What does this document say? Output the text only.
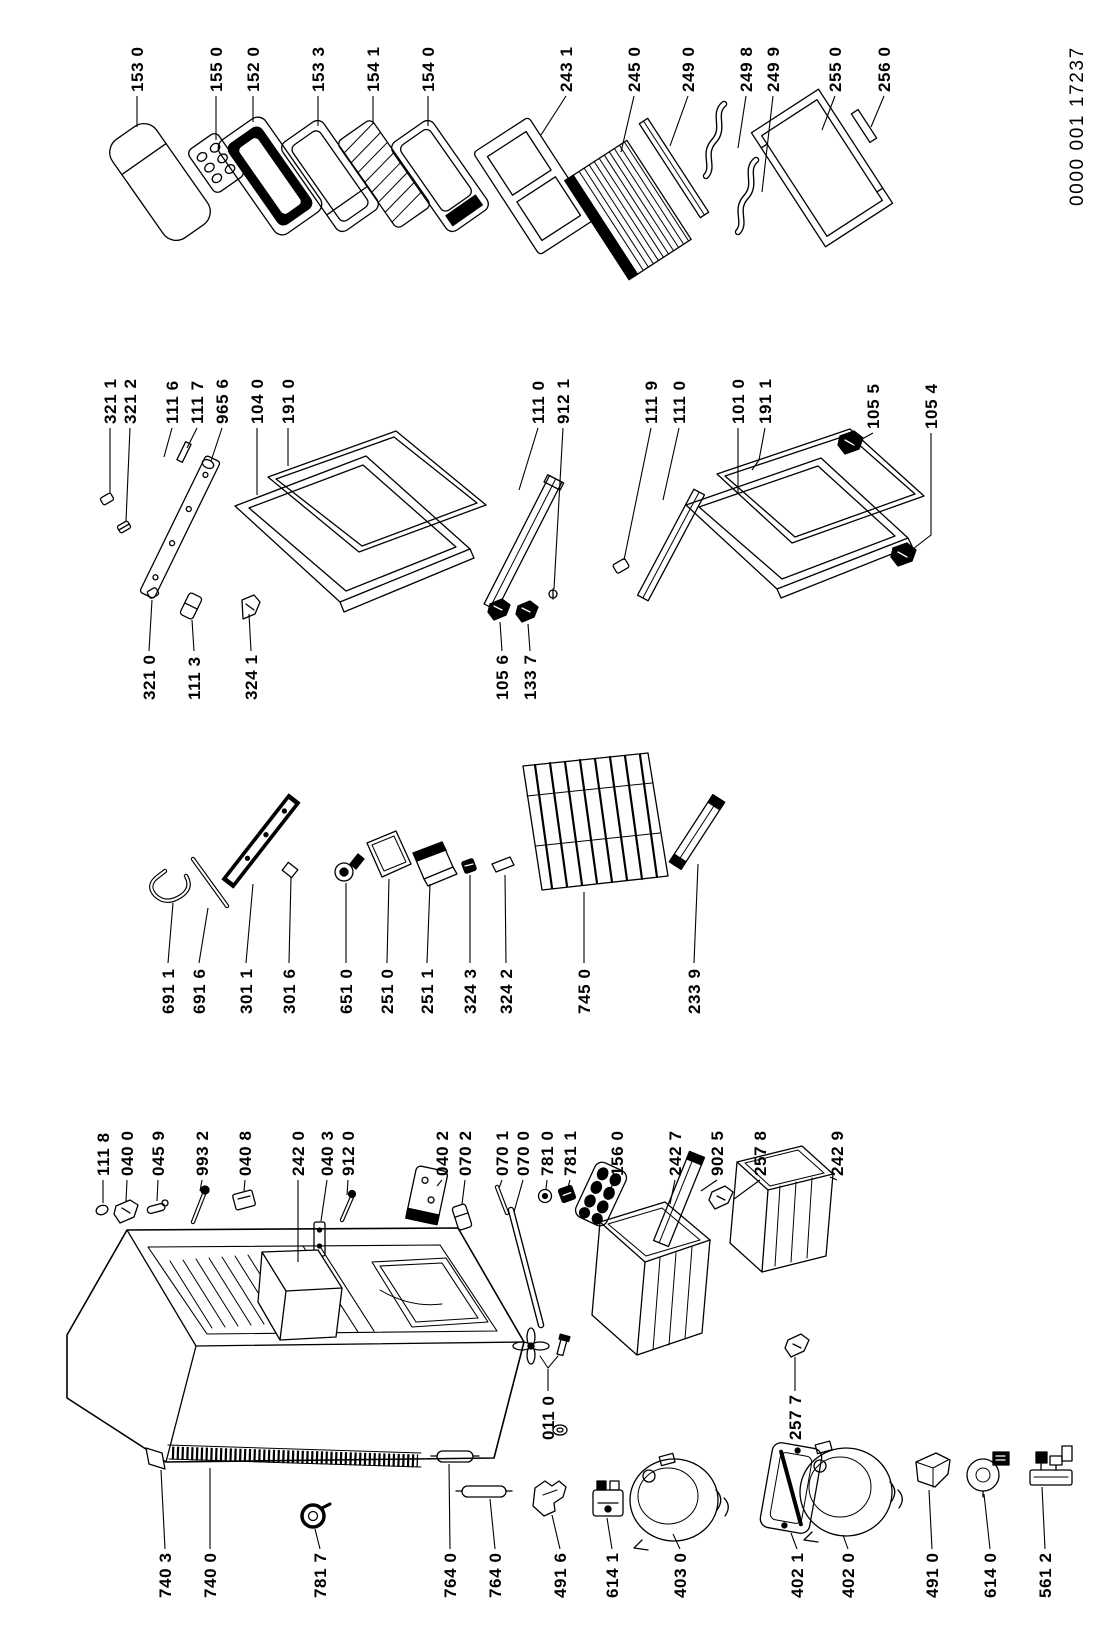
153 0	155 0 152 0	153 3 154 1 154 0	243 1	245 0 249 0 249 8 249 9	255 0 256 0	0000 001 17237
321 1 321 2 111 6 111 7 965 6 104 0 191 0	111 0 912 1	111 9 111 0 101 0 191 1	105 5 105 4
321 0 111 3 324 1	105 6 133 7
691 1 691 6 301 1 301 6 651 0 251 0 251 1 324 3 324 2	745 0	233 9
111 8 040 0 045 9 993 2 040 8 242 0 040 3 912 0	040 2 070 2 070 1 070 0 781 0 781 1 156 0 242 7 902 5 257 8	242 9
011 0	257 7
740 3 740 0	781 7	764 0 764 0	491 6 614 1	403 0	402 1 402 0	491 0 614 0 561 2
